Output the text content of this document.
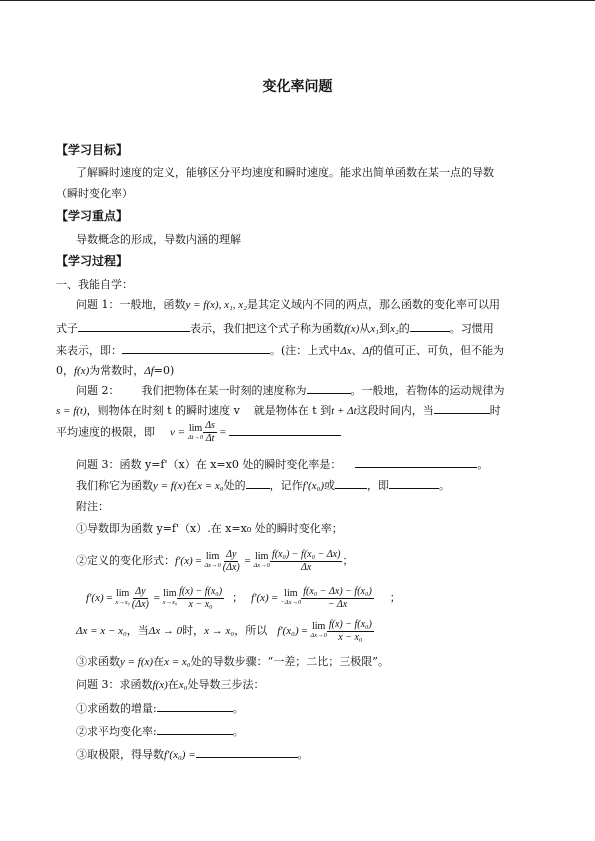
变化率问题
【学习目标】
了解瞬时速度的定义，能够区分平均速度和瞬时速度。能求出简单函数在某一点的导数
（瞬时变化率）
【学习重点】
导数概念的形成，导数内涵的理解
【学习过程】
一、我能自学：
问题 1：一般地，函数y = f(x), x₁, x₂是其定义域内不同的两点，那么函数的变化率可以用
式子	表示，我们把这个式子称为函数f(x)从x₁到x₂的	。习惯用
来表示，即：	。(注：上式中Δx、Δf的值可正、可负，但不能为
0，f(x)为常数时，Δf=0)
问题 2： 我们把物体在某一时刻的速度称为	。一般地，若物体的运动规律为
s = f(t)，则物体在时刻 t 的瞬时速度 v 就是物体在 t 到t + Δt这段时间内，当	时
平均速度的极限，即 v = lim
$\Delta t\to 0 \frac{\Delta s}{\Delta t}$ =
问题 3：函数 y=f'（x）在 x=x0 处的瞬时变化率是：	。
我们称它为函数y = f(x)在x = x₀处的 ，记作f'(x₀)或	，即	。
附注：
①导数即为函数 y=f'（x）.在 x=x₀ 处的瞬时变化率；
②定义的变化形式：f'(x) = lim
$\Delta x\to 0 \frac{\Delta y}{(\Delta x)} = \lim$
$\Delta x\to 0 \frac{\text{f(x₀) − f(x₀ − Δx)}}{\Delta x}$ ；
f'(x) = lim
$x\to x_0 \frac{\Delta y}{(\Delta x)} = \lim$
$x\to x_0 \frac{\text{f(x) − f(x₀)}}{\text{x − x₀}}$ ； f'(x) = lim
$-\Delta x\to 0 \frac{\text{f(x₀ − Δx) − f(x₀)}}{- \Delta x}$ ；
Δx = x − x₀，当Δx → 0时，x → x₀，所以 f'(x₀) = lim
$\Delta x\to 0 \frac{\text{f(x) − f(x₀)}}{\text{x − x₀}}$
③求函数y = f(x)在x = x₀处的导数步骤：“一差；二比；三极限”。
问题 3：求函数f(x)在x₀处导数三步法：
①求函数的增量:	。
②求平均变化率:	。
③取极限，得导数f'(x₀) =	。
